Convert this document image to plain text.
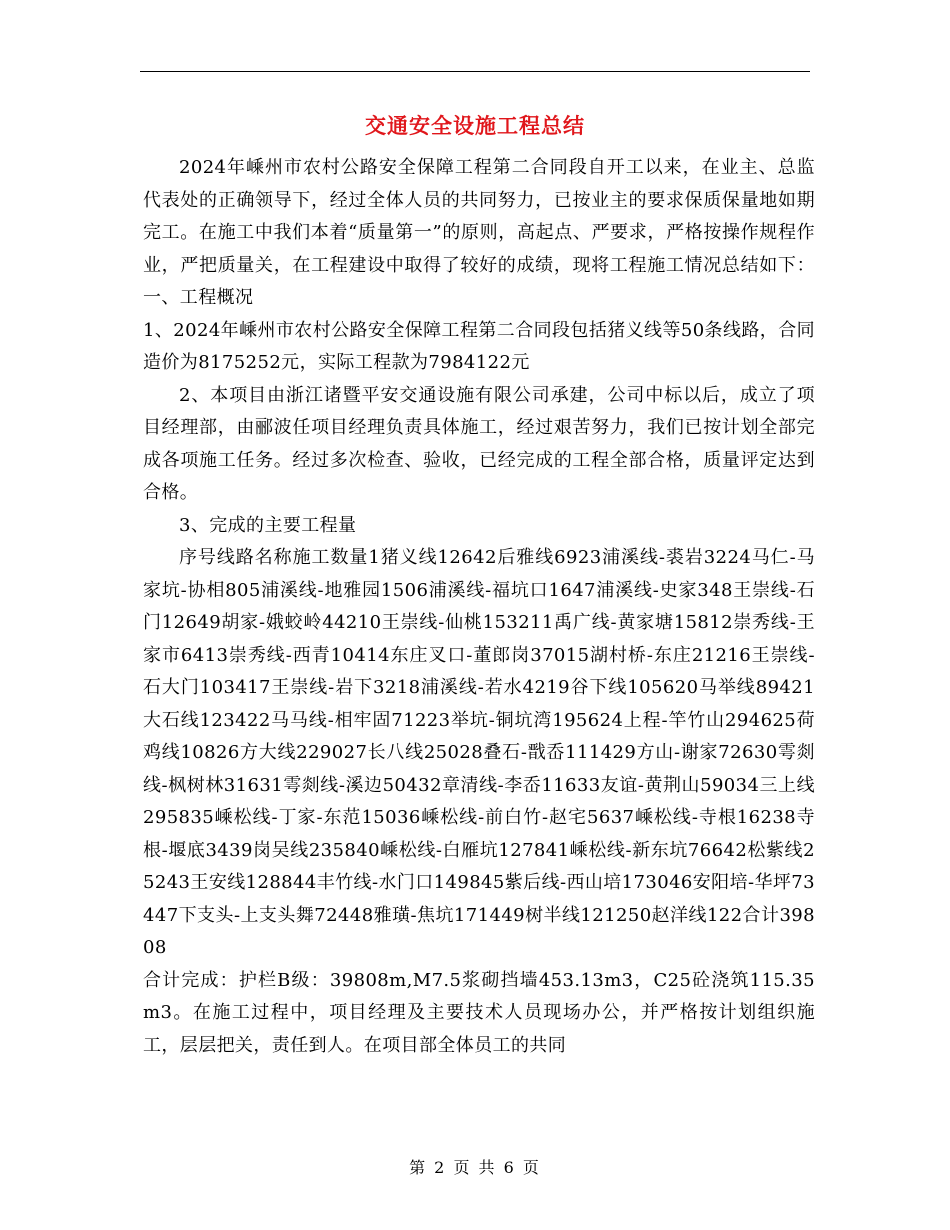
交通安全设施工程总结

2024年嵊州市农村公路安全保障工程第二合同段自开工以来，在业主、总监代表处的正确领导下，经过全体人员的共同努力，已按业主的要求保质保量地如期完工。在施工中我们本着“质量第一”的原则，高起点、严要求，严格按操作规程作业，严把质量关，在工程建设中取得了较好的成绩，现将工程施工情况总结如下：一、工程概况

1、2024年嵊州市农村公路安全保障工程第二合同段包括猪义线等50条线路，合同造价为8175252元，实际工程款为7984122元

2、本项目由浙江诸暨平安交通设施有限公司承建，公司中标以后，成立了项目经理部，由郦波任项目经理负责具体施工，经过艰苦努力，我们已按计划全部完成各项施工任务。经过多次检查、验收，已经完成的工程全部合格，质量评定达到合格。

3、完成的主要工程量

序号线路名称施工数量1猪义线12642后雅线6923浦溪线-裘岩3224马仁-马家坑-协相805浦溪线-地雅园1506浦溪线-福坑口1647浦溪线-史家348王崇线-石门12649胡家-娥蛟岭44210王崇线-仙桃153211禹广线-黄家塘15812崇秀线-王家市6413崇秀线-西青10414东庄叉口-董郎岗37015湖村桥-东庄21216王崇线-石大门103417王崇线-岩下3218浦溪线-若水4219谷下线105620马举线89421大石线123422马马线-相牢固71223举坑-铜坑湾195624上程-竿竹山294625荷鸡线10826方大线229027长八线25028叠石-戬岙111429方山-谢家72630雩剡线-枫树林31631雩剡线-溪边50432章清线-李岙11633友谊-黄荆山59034三上线295835嵊松线-丁家-东范15036嵊松线-前白竹-赵宅5637嵊松线-寺根16238寺根-堰底3439岗吴线235840嵊松线-白雁坑127841嵊松线-新东坑76642松紫线25243王安线128844丰竹线-水门口149845紫后线-西山培173046安阳培-华坪73447下支头-上支头舞72448雅璜-焦坑171449树半线121250赵洋线122合计39808

合计完成：护栏B级：39808m,M7.5浆砌挡墙453.13m3，C25砼浇筑115.35m3。在施工过程中，项目经理及主要技术人员现场办公，并严格按计划组织施工，层层把关，责任到人。在项目部全体员工的共同

第 2 页 共 6 页
